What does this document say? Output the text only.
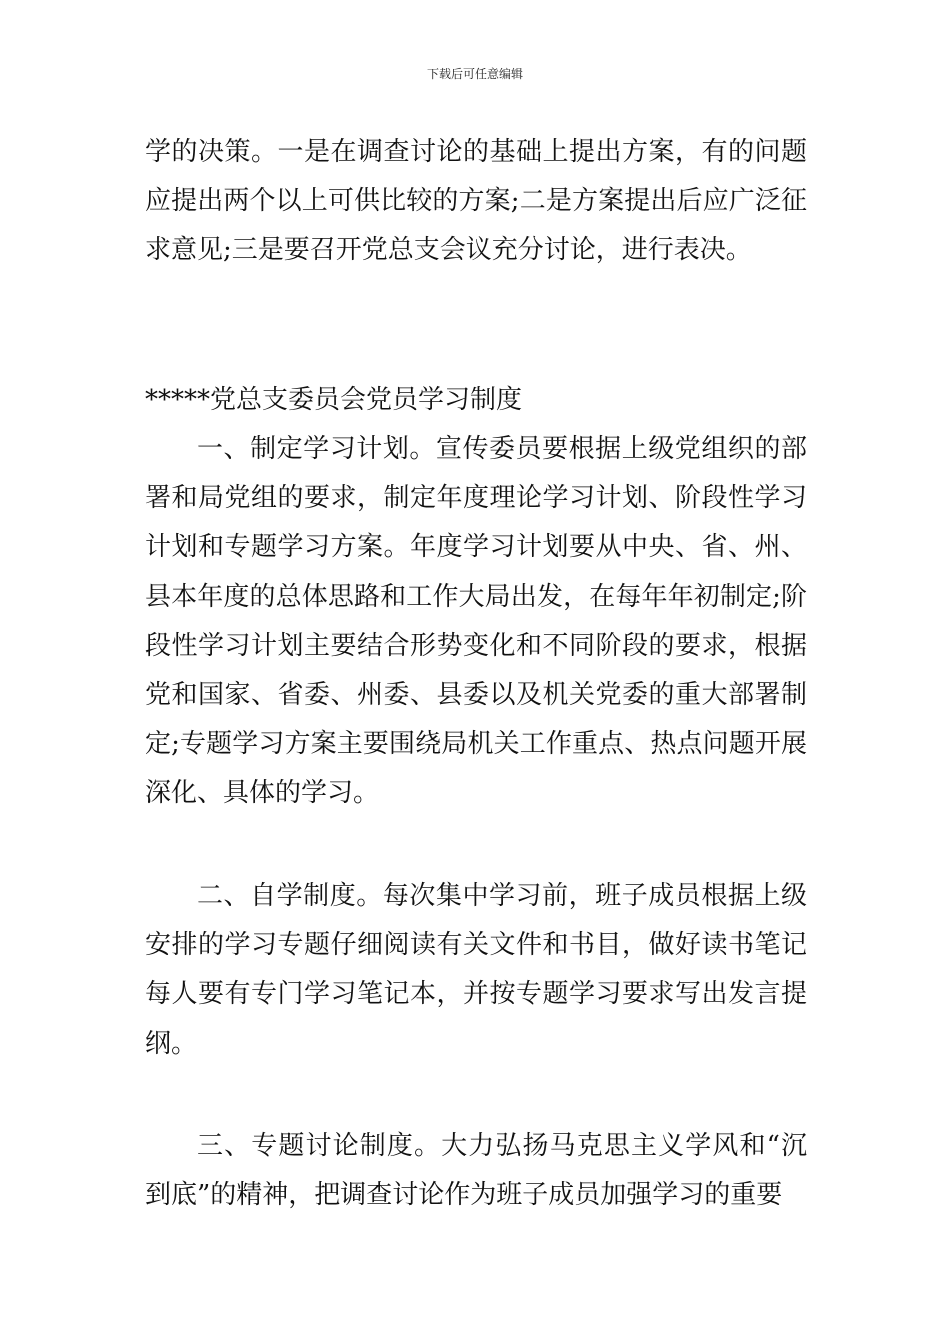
下载后可任意编辑

学的决策。一是在调查讨论的基础上提出方案，有的问题应提出两个以上可供比较的方案;二是方案提出后应广泛征求意见;三是要召开党总支会议充分讨论，进行表决。

*****党总支委员会党员学习制度

一、制定学习计划。宣传委员要根据上级党组织的部署和局党组的要求，制定年度理论学习计划、阶段性学习计划和专题学习方案。年度学习计划要从中央、省、州、县本年度的总体思路和工作大局出发，在每年年初制定;阶段性学习计划主要结合形势变化和不同阶段的要求，根据党和国家、省委、州委、县委以及机关党委的重大部署制定;专题学习方案主要围绕局机关工作重点、热点问题开展深化、具体的学习。

二、自学制度。每次集中学习前，班子成员根据上级安排的学习专题仔细阅读有关文件和书目，做好读书笔记每人要有专门学习笔记本，并按专题学习要求写出发言提纲。

三、专题讨论制度。大力弘扬马克思主义学风和“沉到底”的精神，把调查讨论作为班子成员加强学习的重要
